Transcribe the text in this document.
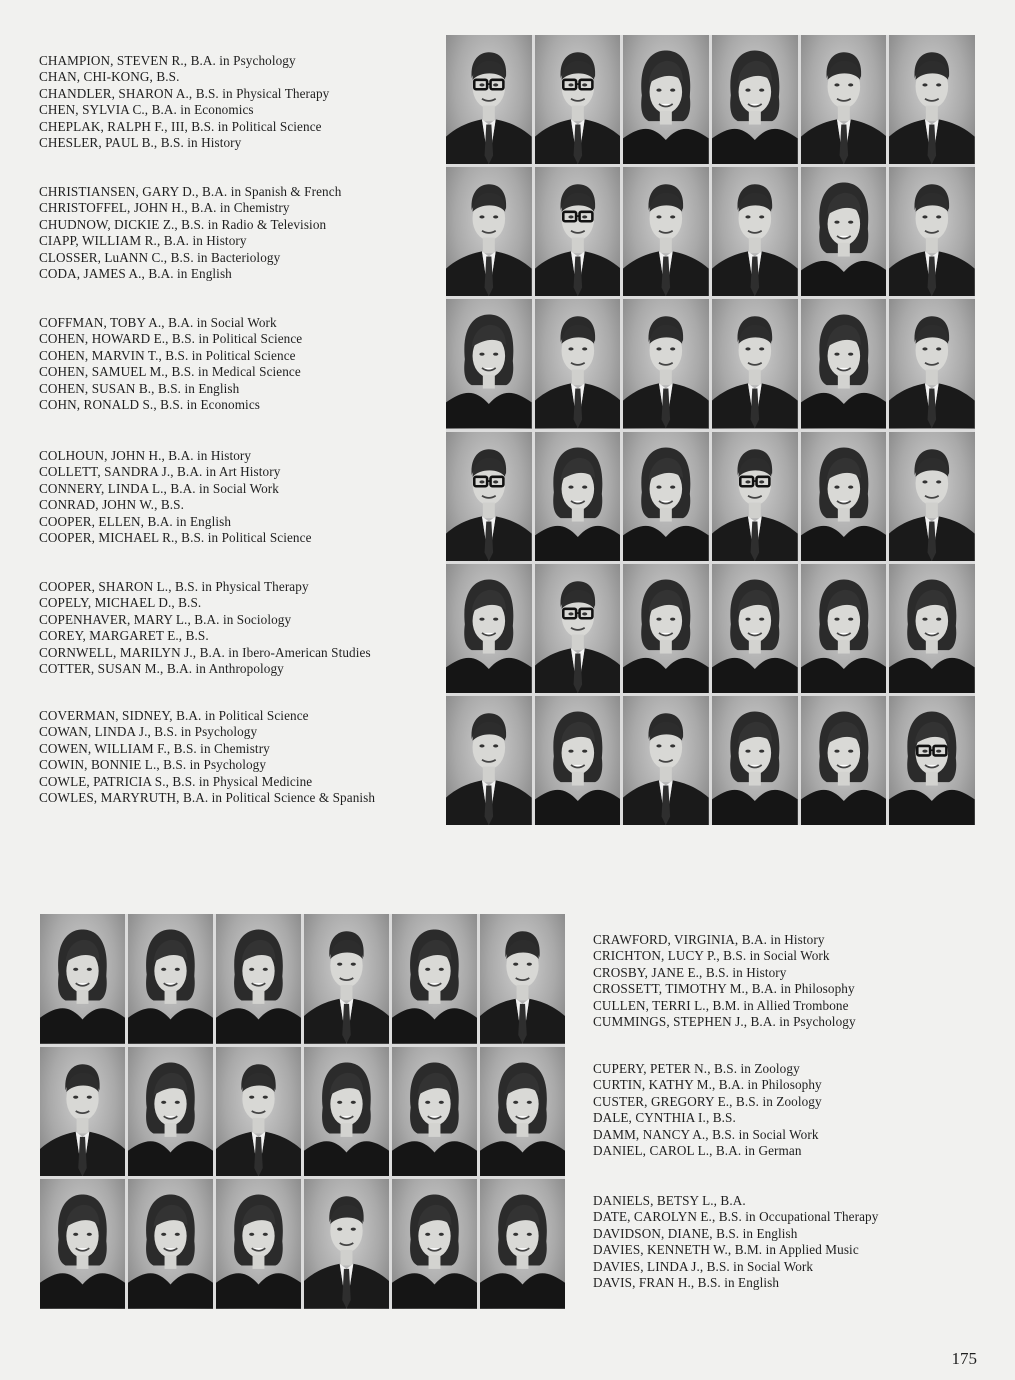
CHAMPION, STEVEN R., B.A. in Psychology
CHAN, CHI-KONG, B.S.
CHANDLER, SHARON A., B.S. in Physical Therapy
CHEN, SYLVIA C., B.A. in Economics
CHEPLAK, RALPH F., III, B.S. in Political Science
CHESLER, PAUL B., B.S. in History
CHRISTIANSEN, GARY D., B.A. in Spanish & French
CHRISTOFFEL, JOHN H., B.A. in Chemistry
CHUDNOW, DICKIE Z., B.S. in Radio & Television
CIAPP, WILLIAM R., B.A. in History
CLOSSER, LuANN C., B.S. in Bacteriology
CODA, JAMES A., B.A. in English
COFFMAN, TOBY A., B.A. in Social Work
COHEN, HOWARD E., B.S. in Political Science
COHEN, MARVIN T., B.S. in Political Science
COHEN, SAMUEL M., B.S. in Medical Science
COHEN, SUSAN B., B.S. in English
COHN, RONALD S., B.S. in Economics
COLHOUN, JOHN H., B.A. in History
COLLETT, SANDRA J., B.A. in Art History
CONNERY, LINDA L., B.A. in Social Work
CONRAD, JOHN W., B.S.
COOPER, ELLEN, B.A. in English
COOPER, MICHAEL R., B.S. in Political Science
COOPER, SHARON L., B.S. in Physical Therapy
COPELY, MICHAEL D., B.S.
COPENHAVER, MARY L., B.A. in Sociology
COREY, MARGARET E., B.S.
CORNWELL, MARILYN J., B.A. in Ibero-American Studies
COTTER, SUSAN M., B.A. in Anthropology
COVERMAN, SIDNEY, B.A. in Political Science
COWAN, LINDA J., B.S. in Psychology
COWEN, WILLIAM F., B.S. in Chemistry
COWIN, BONNIE L., B.S. in Psychology
COWLE, PATRICIA S., B.S. in Physical Medicine
COWLES, MARYRUTH, B.A. in Political Science & Spanish
CRAWFORD, VIRGINIA, B.A. in History
CRICHTON, LUCY P., B.S. in Social Work
CROSBY, JANE E., B.S. in History
CROSSETT, TIMOTHY M., B.A. in Philosophy
CULLEN, TERRI L., B.M. in Allied Trombone
CUMMINGS, STEPHEN J., B.A. in Psychology
CUPERY, PETER N., B.S. in Zoology
CURTIN, KATHY M., B.A. in Philosophy
CUSTER, GREGORY E., B.S. in Zoology
DALE, CYNTHIA I., B.S.
DAMM, NANCY A., B.S. in Social Work
DANIEL, CAROL L., B.A. in German
DANIELS, BETSY L., B.A.
DATE, CAROLYN E., B.S. in Occupational Therapy
DAVIDSON, DIANE, B.S. in English
DAVIES, KENNETH W., B.M. in Applied Music
DAVIES, LINDA J., B.S. in Social Work
DAVIS, FRAN H., B.S. in English
175
